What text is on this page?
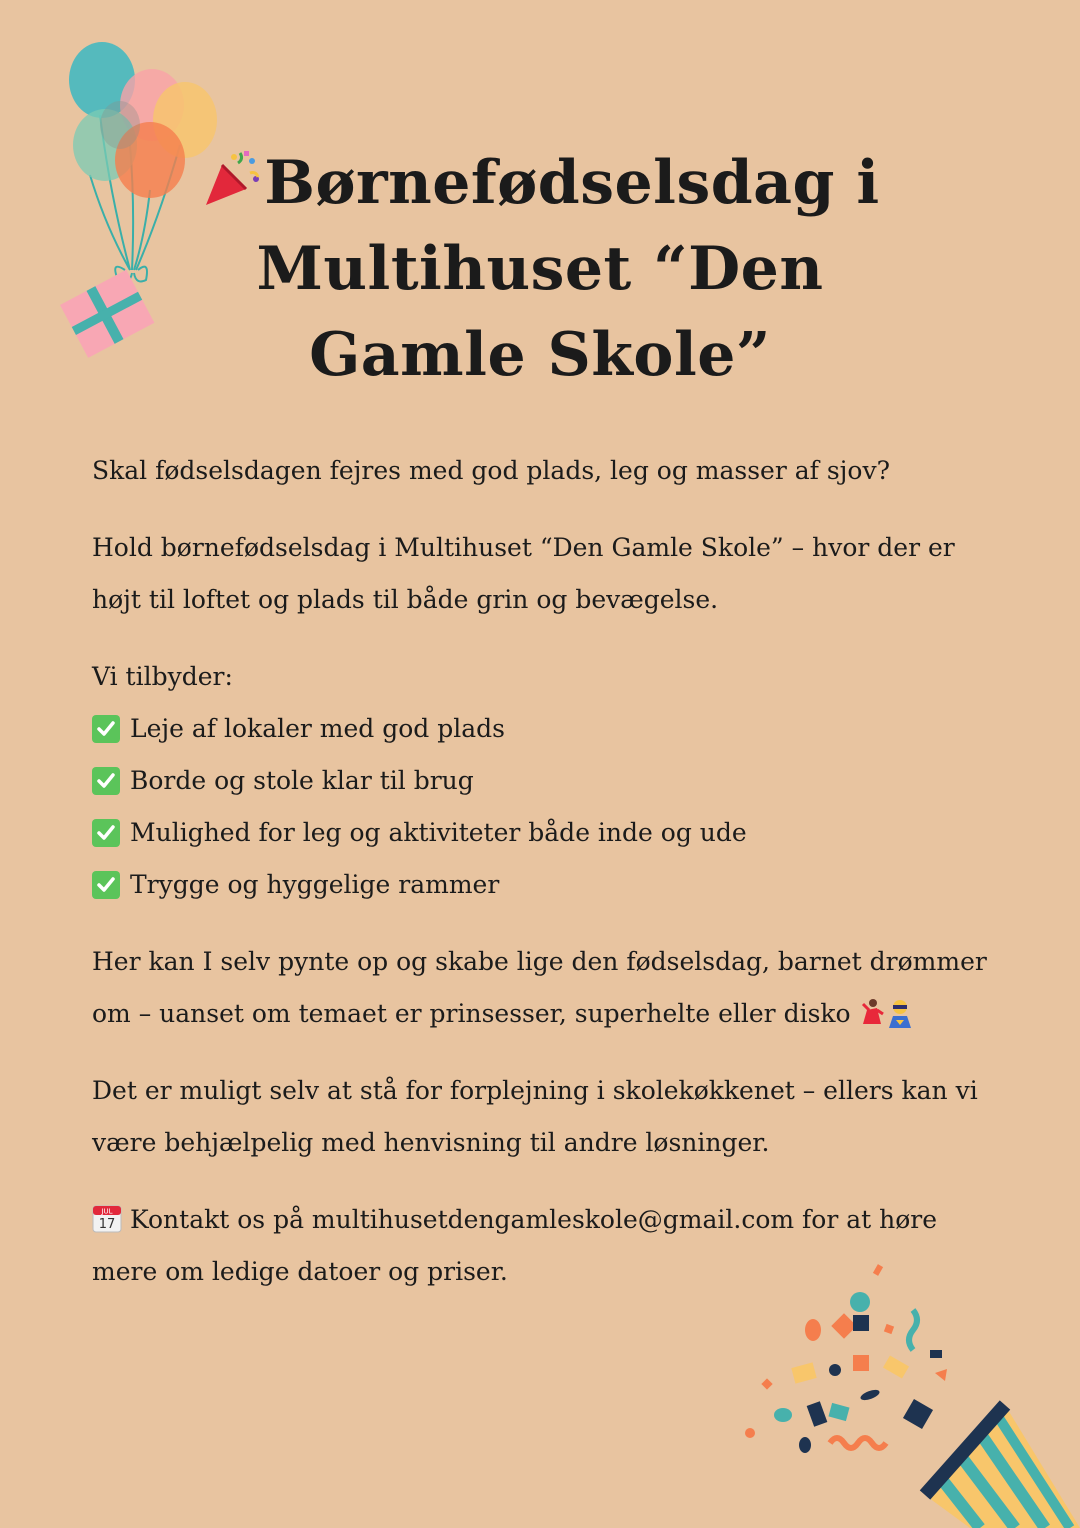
Børnefødselsdag i Multihuset “Den Gamle Skole”

Skal fødselsdagen fejres med god plads, leg og masser af sjov?

Hold børnefødselsdag i Multihuset “Den Gamle Skole” – hvor der er højt til loftet og plads til både grin og bevægelse.

Vi tilbyder:

Leje af lokaler med god plads
Borde og stole klar til brug
Mulighed for leg og aktiviteter både inde og ude
Trygge og hyggelige rammer

Her kan I selv pynte op og skabe lige den fødselsdag, barnet drømmer om – uanset om temaet er prinsesser, superhelte eller disko

Det er muligt selv at stå for forplejning i skolekøkkenet – ellers kan vi være behjælpelig med henvisning til andre løsninger.

JUL
17 Kontakt os på multihusetdengamleskole@gmail.com for at høre mere om ledige datoer og priser.
